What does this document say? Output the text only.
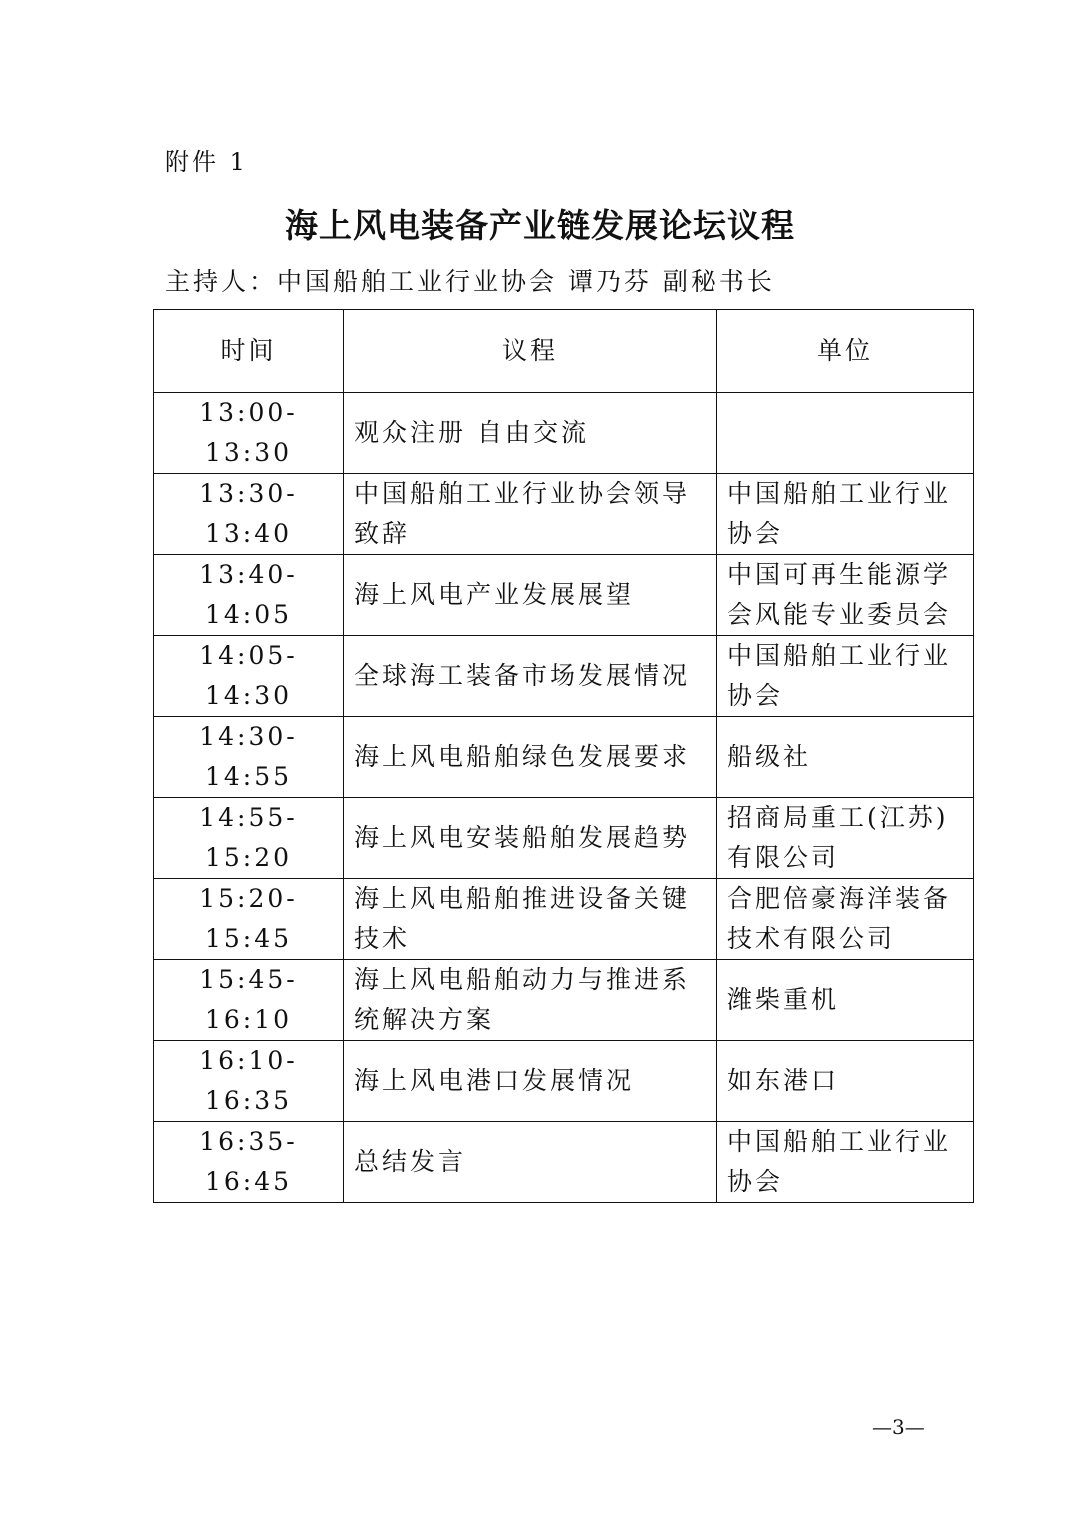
附件 1
海上风电装备产业链发展论坛议程
主持人：中国船舶工业行业协会 谭乃芬 副秘书长
时间	议程	单位
13:00-13:30	观众注册 自由交流	
13:30-13:40	中国船舶工业行业协会领导致辞	中国船舶工业行业协会
13:40-14:05	海上风电产业发展展望	中国可再生能源学会风能专业委员会
14:05-14:30	全球海工装备市场发展情况	中国船舶工业行业协会
14:30-14:55	海上风电船舶绿色发展要求	船级社
14:55-15:20	海上风电安装船舶发展趋势	招商局重工(江苏)有限公司
15:20-15:45	海上风电船舶推进设备关键技术	合肥倍豪海洋装备技术有限公司
15:45-16:10	海上风电船舶动力与推进系统解决方案	潍柴重机
16:10-16:35	海上风电港口发展情况	如东港口
16:35-16:45	总结发言	中国船舶工业行业协会
—3—
